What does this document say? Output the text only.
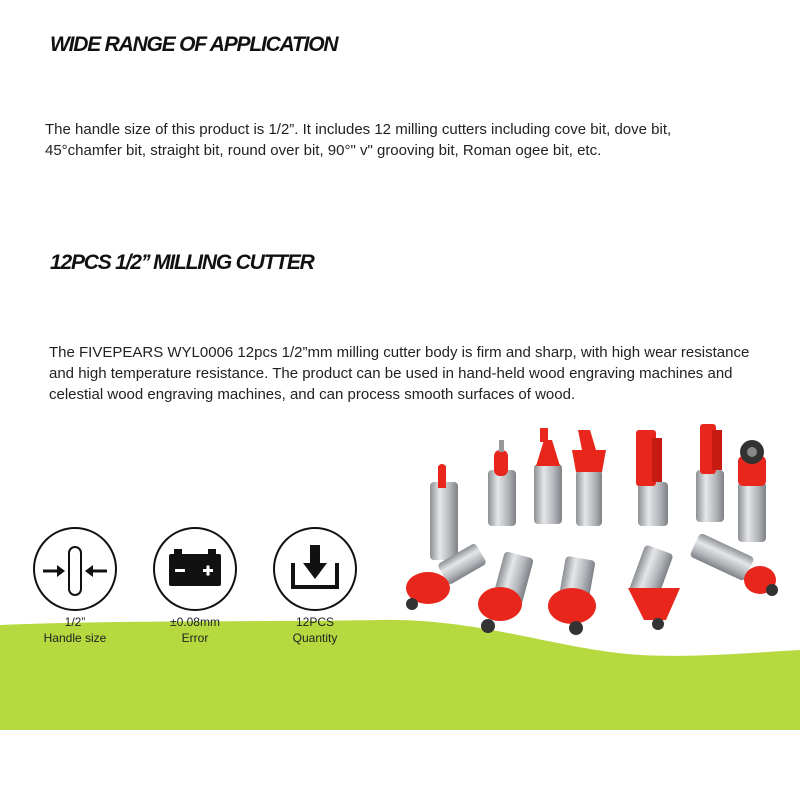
WIDE RANGE OF APPLICATION

The handle size of this product is 1/2”. It includes 12 milling cutters including cove bit, dove bit, 45°chamfer bit, straight bit, round over bit, 90°" v" grooving bit, Roman ogee bit, etc.

12PCS 1/2’’ MILLING CUTTER

The FIVEPEARS WYL0006 12pcs 1/2”mm milling cutter body is firm and sharp, with high wear resistance and high temperature resistance. The product can be used in hand-held wood engraving machines and celestial wood engraving machines, and can process smooth surfaces of wood.

1/2”
Handle size
±0.08mm
Error
12PCS
Quantity
